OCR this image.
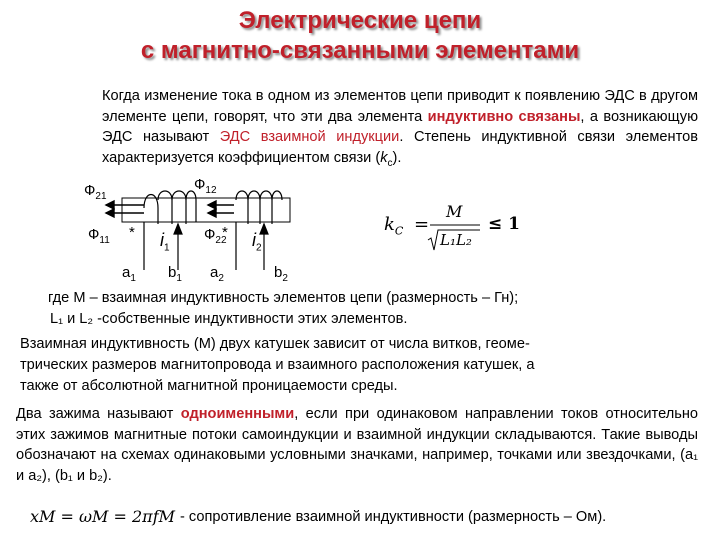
Электрические цепи
с магнитно-связанными элементами
Когда изменение тока в одном из элементов цепи приводит к появлению ЭДС в другом элементе цепи, говорят, что эти два элемента индуктивно связаны, а возникающую ЭДС называют ЭДС взаимной индукции. Степень индуктивной связи элементов характеризуется коэффициентом связи $(k_c)$.
$Ф_{21}$
$Ф_{12}$
$Ф_{11} * i_1$
$Ф_{22}$
* $i_2$
$a_1$ $b_1$ $a_2$	$b_2$
$k_C$ =
M
L₁L₂
≤ 1
где M – взаимная индуктивность элементов цепи (размерность – Гн);
L₁ и L₂ -собственные индуктивности этих элементов.
Взаимная индуктивность (M) двух катушек зависит от числа витков, геоме-
трических размеров магнитопровода и взаимного расположения катушек, а
также от абсолютной магнитной проницаемости среды.
Два зажима называют одноименными, если при одинаковом направлении токов относительно этих зажимов магнитные потоки самоиндукции и взаимной индукции складываются. Такие выводы обозначают на схемах одинаковыми условными значками, например, точками или звездочками, (a₁ и a₂), (b₁ и b₂).
xM = ωM = 2πfM - сопротивление взаимной индуктивности (размерность – Ом).
